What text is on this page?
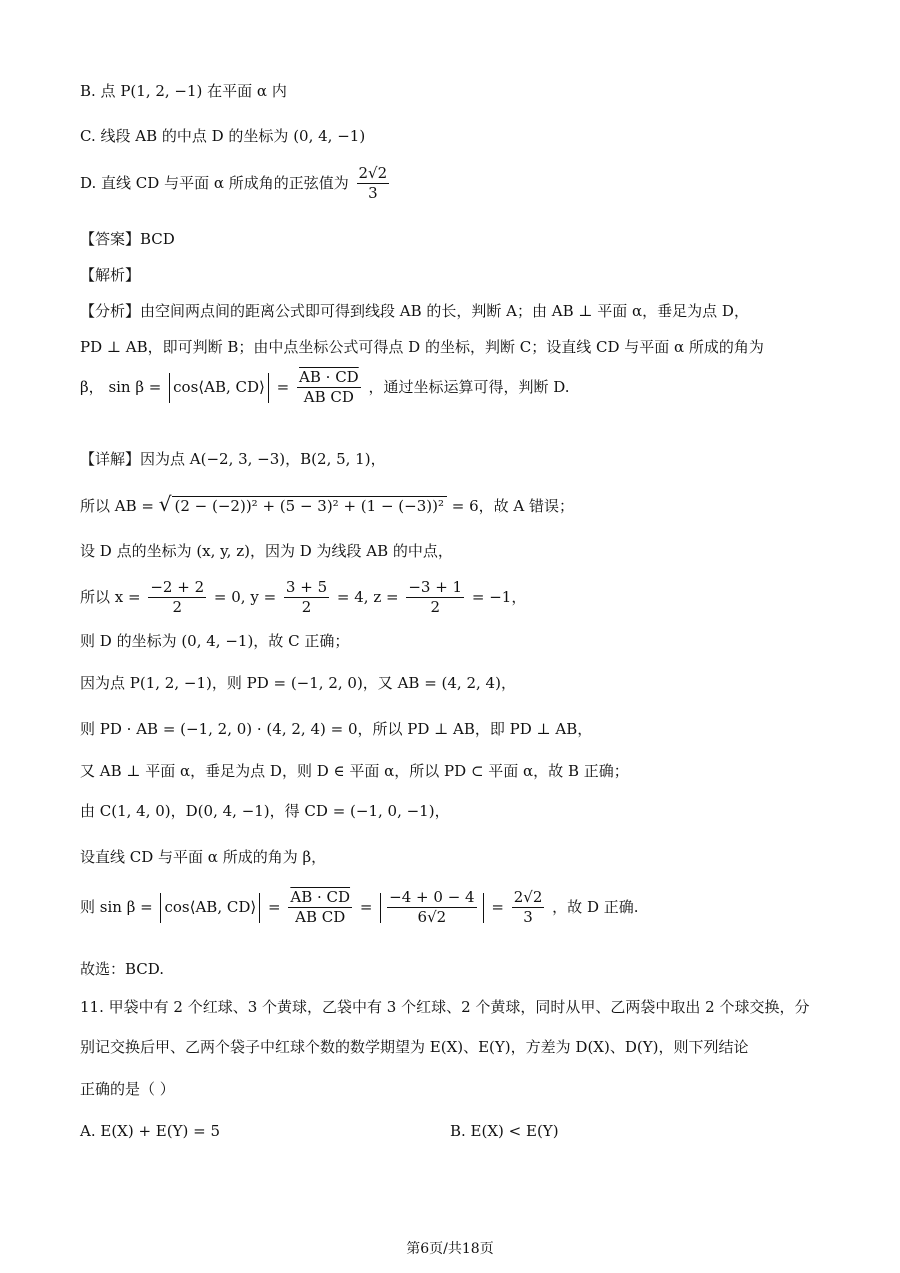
B. 点 P(1, 2, −1) 在平面 α 内
C. 线段 AB 的中点 D 的坐标为 (0, 4, −1)
D. 直线 CD 与平面 α 所成角的正弦值为 $\frac{2√2}{3}$
【答案】BCD
【解析】
【分析】由空间两点间的距离公式即可得到线段 AB 的长，判断 A；由 AB ⊥ 平面 α，垂足为点 D，
PD ⊥ AB，即可判断 B；由中点坐标公式可得点 D 的坐标，判断 C；设直线 CD 与平面 α 所成的角为
β， sin β = cos⟨AB, CD⟩ = $\frac{AB \cdot CD}{\text{AB CD}}$ ，通过坐标运算可得，判断 D.
【详解】因为点 A(−2, 3, −3)，B(2, 5, 1)，
所以 AB = √ (2 − (−2))² + (5 − 3)² + (1 − (−3))² = 6，故 A 错误；
设 D 点的坐标为 (x, y, z)，因为 D 为线段 AB 的中点，
所以 $x = \frac{-2 + 2}{2} = 0$, $y = \frac{3 + 5}{2} = 4$, $z = \frac{-3 + 1}{2} = -1$，
则 D 的坐标为 (0, 4, −1)，故 C 正确；
因为点 P(1, 2, −1)，则 PD = (−1, 2, 0)，又 AB = (4, 2, 4)，
则 PD · AB = (−1, 2, 0) · (4, 2, 4) = 0，所以 PD ⊥ AB，即 PD ⊥ AB，
又 AB ⊥ 平面 α，垂足为点 D，则 D ∈ 平面 α，所以 PD ⊂ 平面 α，故 B 正确；
由 C(1, 4, 0)，D(0, 4, −1)，得 CD = (−1, 0, −1)，
设直线 CD 与平面 α 所成的角为 β，
则 sin β = cos⟨AB, CD⟩ = $\frac{AB \cdot CD}{\text{AB CD}} = \frac{-4 + 0 - 4}{6√2} = \frac{2√2}{3}$ ，故 D 正确.
故选：BCD.
11. 甲袋中有 2 个红球、3 个黄球，乙袋中有 3 个红球、2 个黄球，同时从甲、乙两袋中取出 2 个球交换，分
别记交换后甲、乙两个袋子中红球个数的数学期望为 E(X)、E(Y)，方差为 D(X)、D(Y)，则下列结论
正确的是（ ）
A. E(X) + E(Y) = 5	B. E(X) < E(Y)
第6页/共18页
